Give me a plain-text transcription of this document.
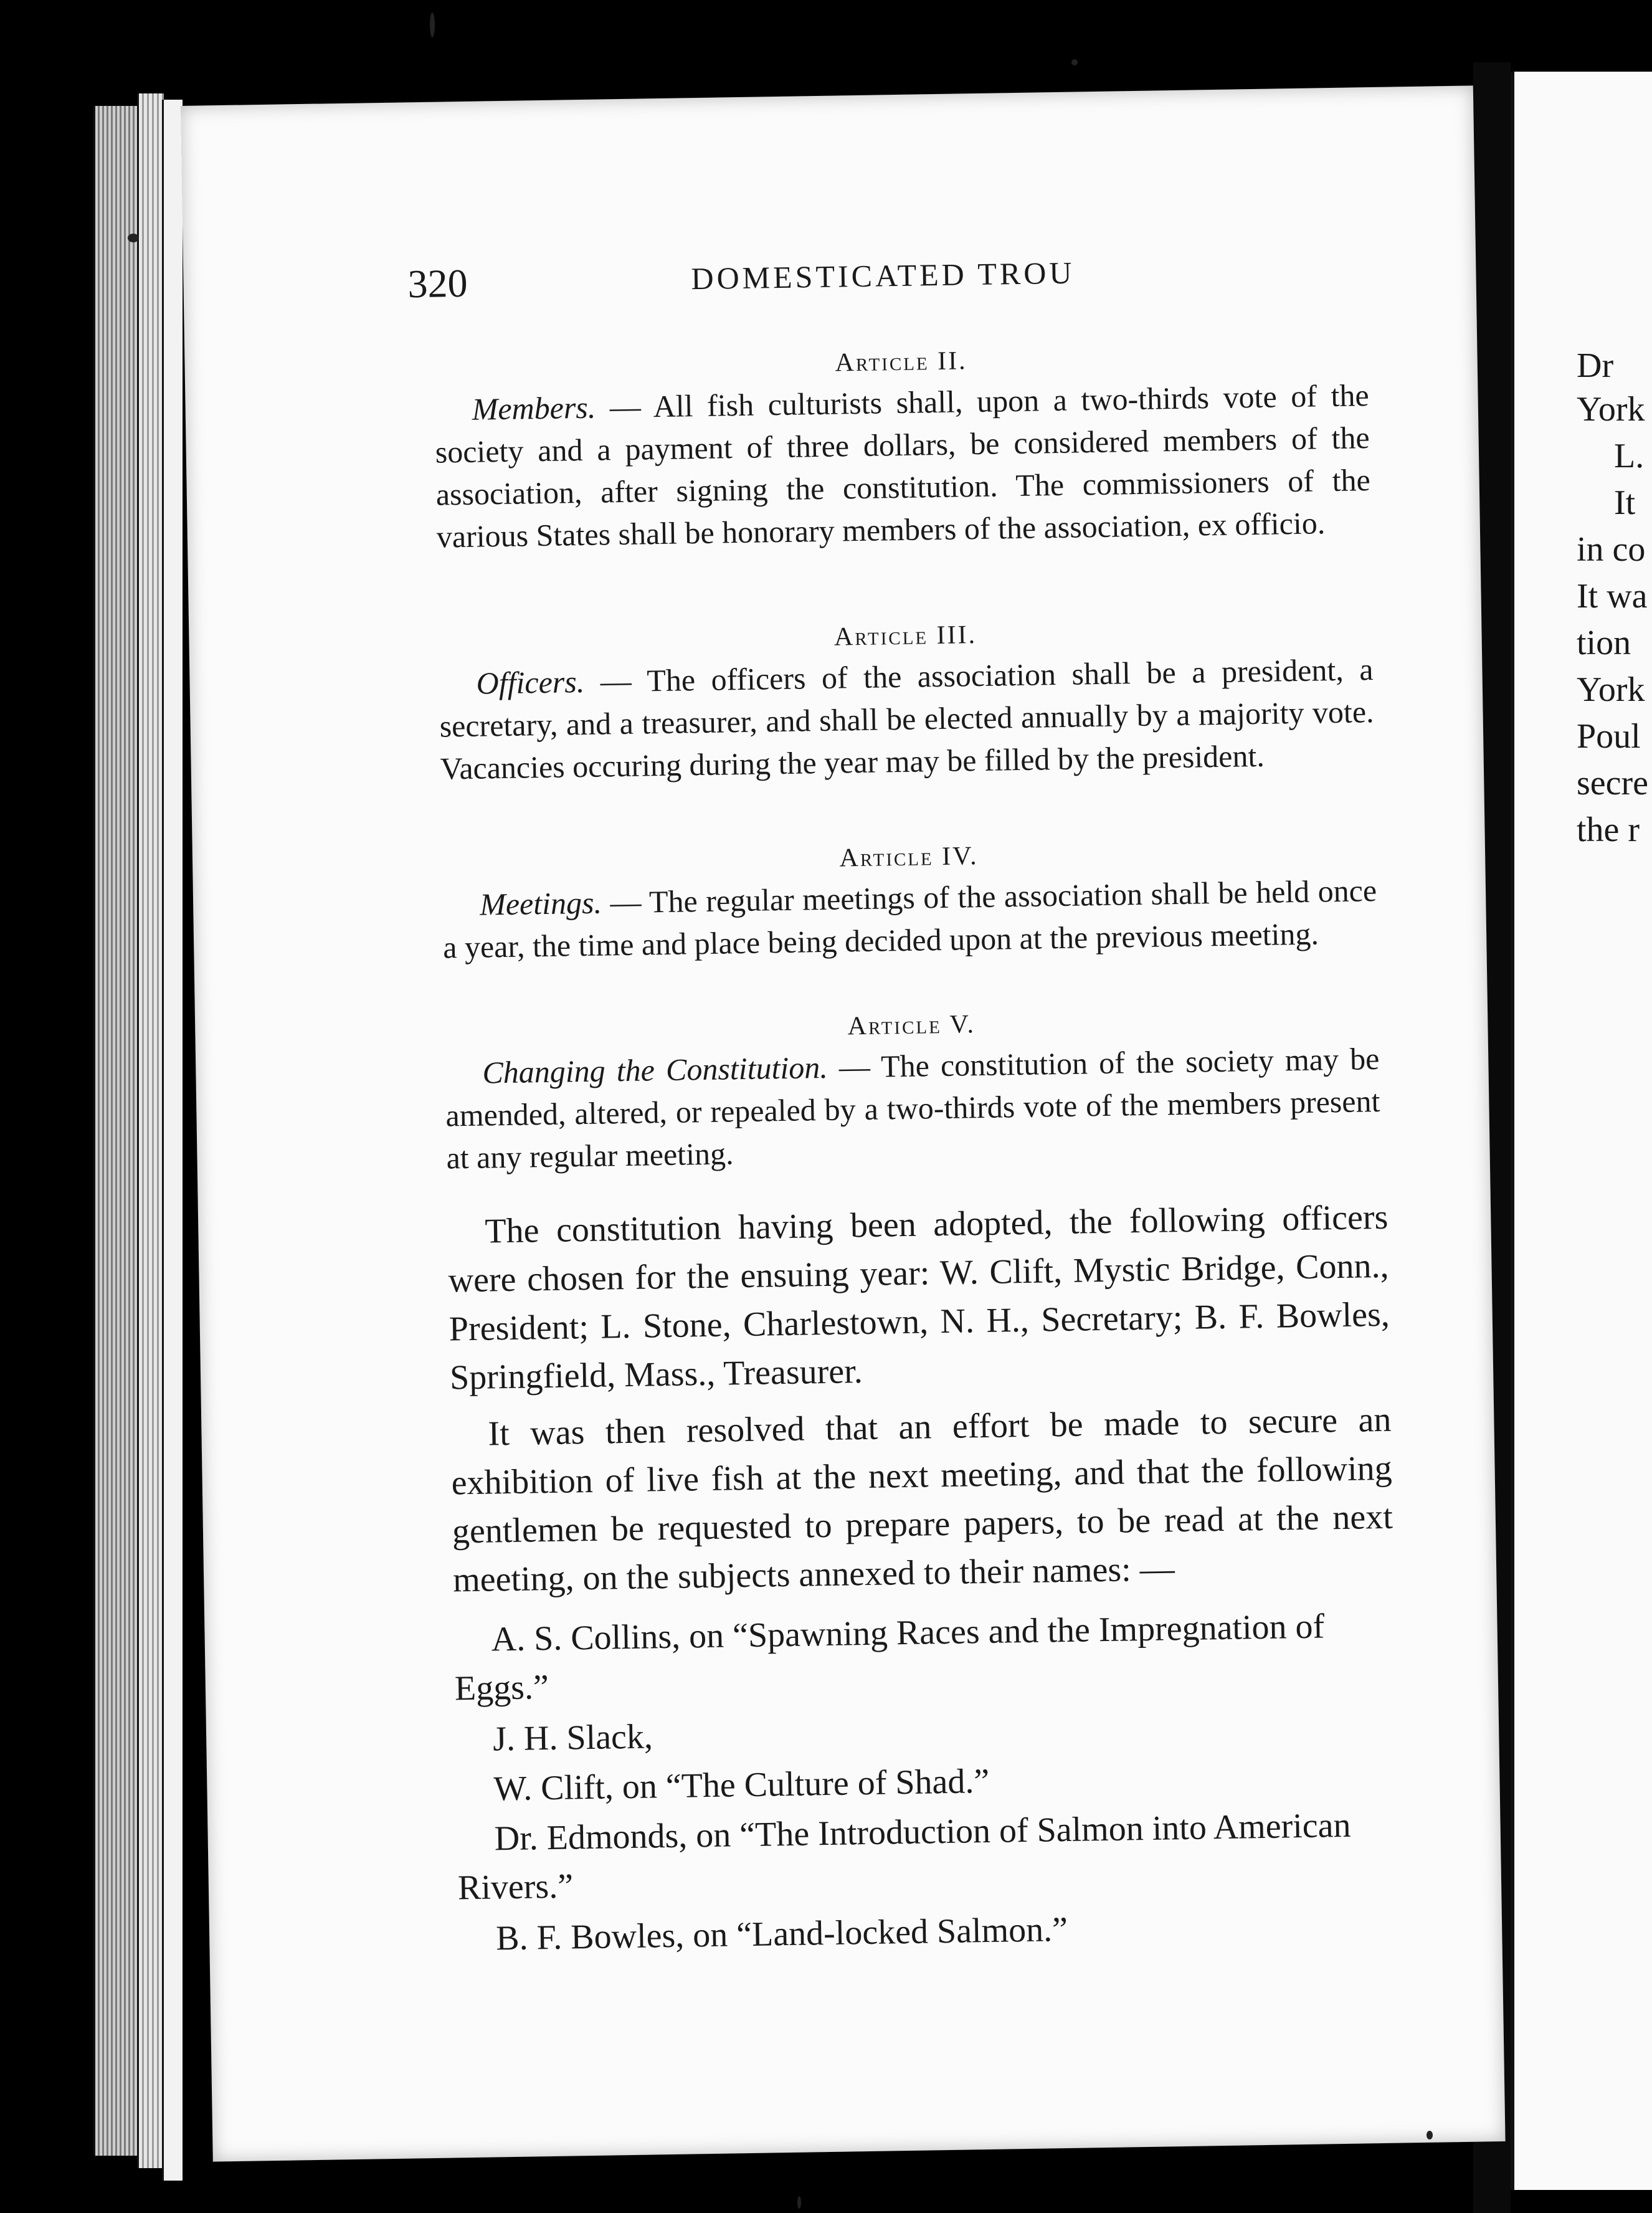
Dr
York
L.
It
in co
It wa
tion
York
Poul
secre
the r
320	DOMESTICATED TROU
Article II.
Members. — All fish culturists shall, upon a two-thirds vote of the society and a payment of three dollars, be considered members of the association, after signing the constitution. The commissioners of the various States shall be honorary members of the association, ex officio.
Article III.
Officers. — The officers of the association shall be a president, a secretary, and a treasurer, and shall be elected annually by a majority vote. Vacancies occuring during the year may be filled by the president.
Article IV.
Meetings. — The regular meetings of the association shall be held once a year, the time and place being decided upon at the previous meeting.
Article V.
Changing the Constitution. — The constitution of the society may be amended, altered, or repealed by a two-thirds vote of the members present at any regular meeting.
The constitution having been adopted, the following officers were chosen for the ensuing year: W. Clift, Mystic Bridge, Conn., President; L. Stone, Charlestown, N. H., Secretary; B. F. Bowles, Springfield, Mass., Treasurer.
It was then resolved that an effort be made to secure an exhibition of live fish at the next meeting, and that the following gentlemen be requested to prepare papers, to be read at the next meeting, on the subjects annexed to their names: —
A. S. Collins, on “Spawning Races and the Impregnation of Eggs.”
J. H. Slack,
W. Clift, on “The Culture of Shad.”
Dr. Edmonds, on “The Introduction of Salmon into American Rivers.”
B. F. Bowles, on “Land-locked Salmon.”
